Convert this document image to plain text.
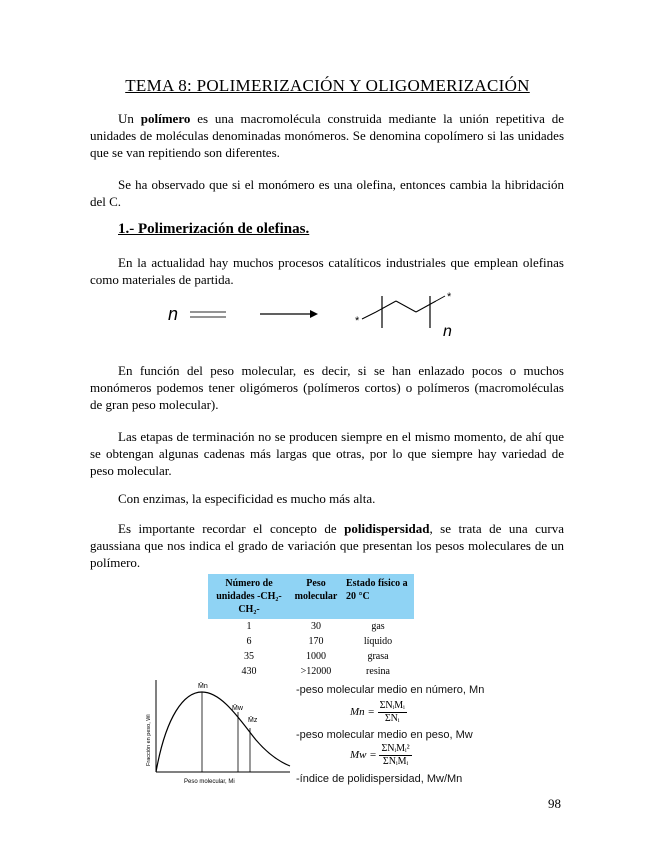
TEMA 8: POLIMERIZACIÓN Y OLIGOMERIZACIÓN
Un polímero es una macromolécula construida mediante la unión repetitiva de unidades de moléculas denominadas monómeros. Se denomina copolímero si las unidades que se van repitiendo son diferentes.
Se ha observado que si el monómero es una olefina, entonces cambia la hibridación del C.
1.- Polimerización de olefinas.
En la actualidad hay muchos procesos catalíticos industriales que emplean olefinas como materiales de partida.
n	*
*
n
En función del peso molecular, es decir, si se han enlazado pocos o muchos monómeros podemos tener oligómeros (polímeros cortos) o polímeros (macromoléculas de gran peso molecular).
Las etapas de terminación no se producen siempre en el mismo momento, de ahí que se obtengan algunas cadenas más largas que otras, por lo que siempre hay variedad de peso molecular.
Con enzimas, la especificidad es mucho más alta.
Es importante recordar el concepto de polidispersidad, se trata de una curva gaussiana que nos indica el grado de variación que presentan los pesos moleculares de un polímero.
Número de unidades -CH₂-CH₂-	Peso molecular	Estado físico a 20 °C
1	30	gas
6	170	líquido
35	1000	grasa
430	>12000	resina
M̄n
M̄w
M̄z
Fracción en peso, Wi
Peso molecular, Mi
-peso molecular medio en número, Mn
$Mn = \frac{\text{ΣNᵢMᵢ}}{\text{ΣNᵢ}}$
-peso molecular medio en peso, Mw
$Mw = \frac{\text{ΣNᵢMᵢ²}}{\text{ΣNᵢMᵢ}}$
-índice de polidispersidad, Mw/Mn
98
